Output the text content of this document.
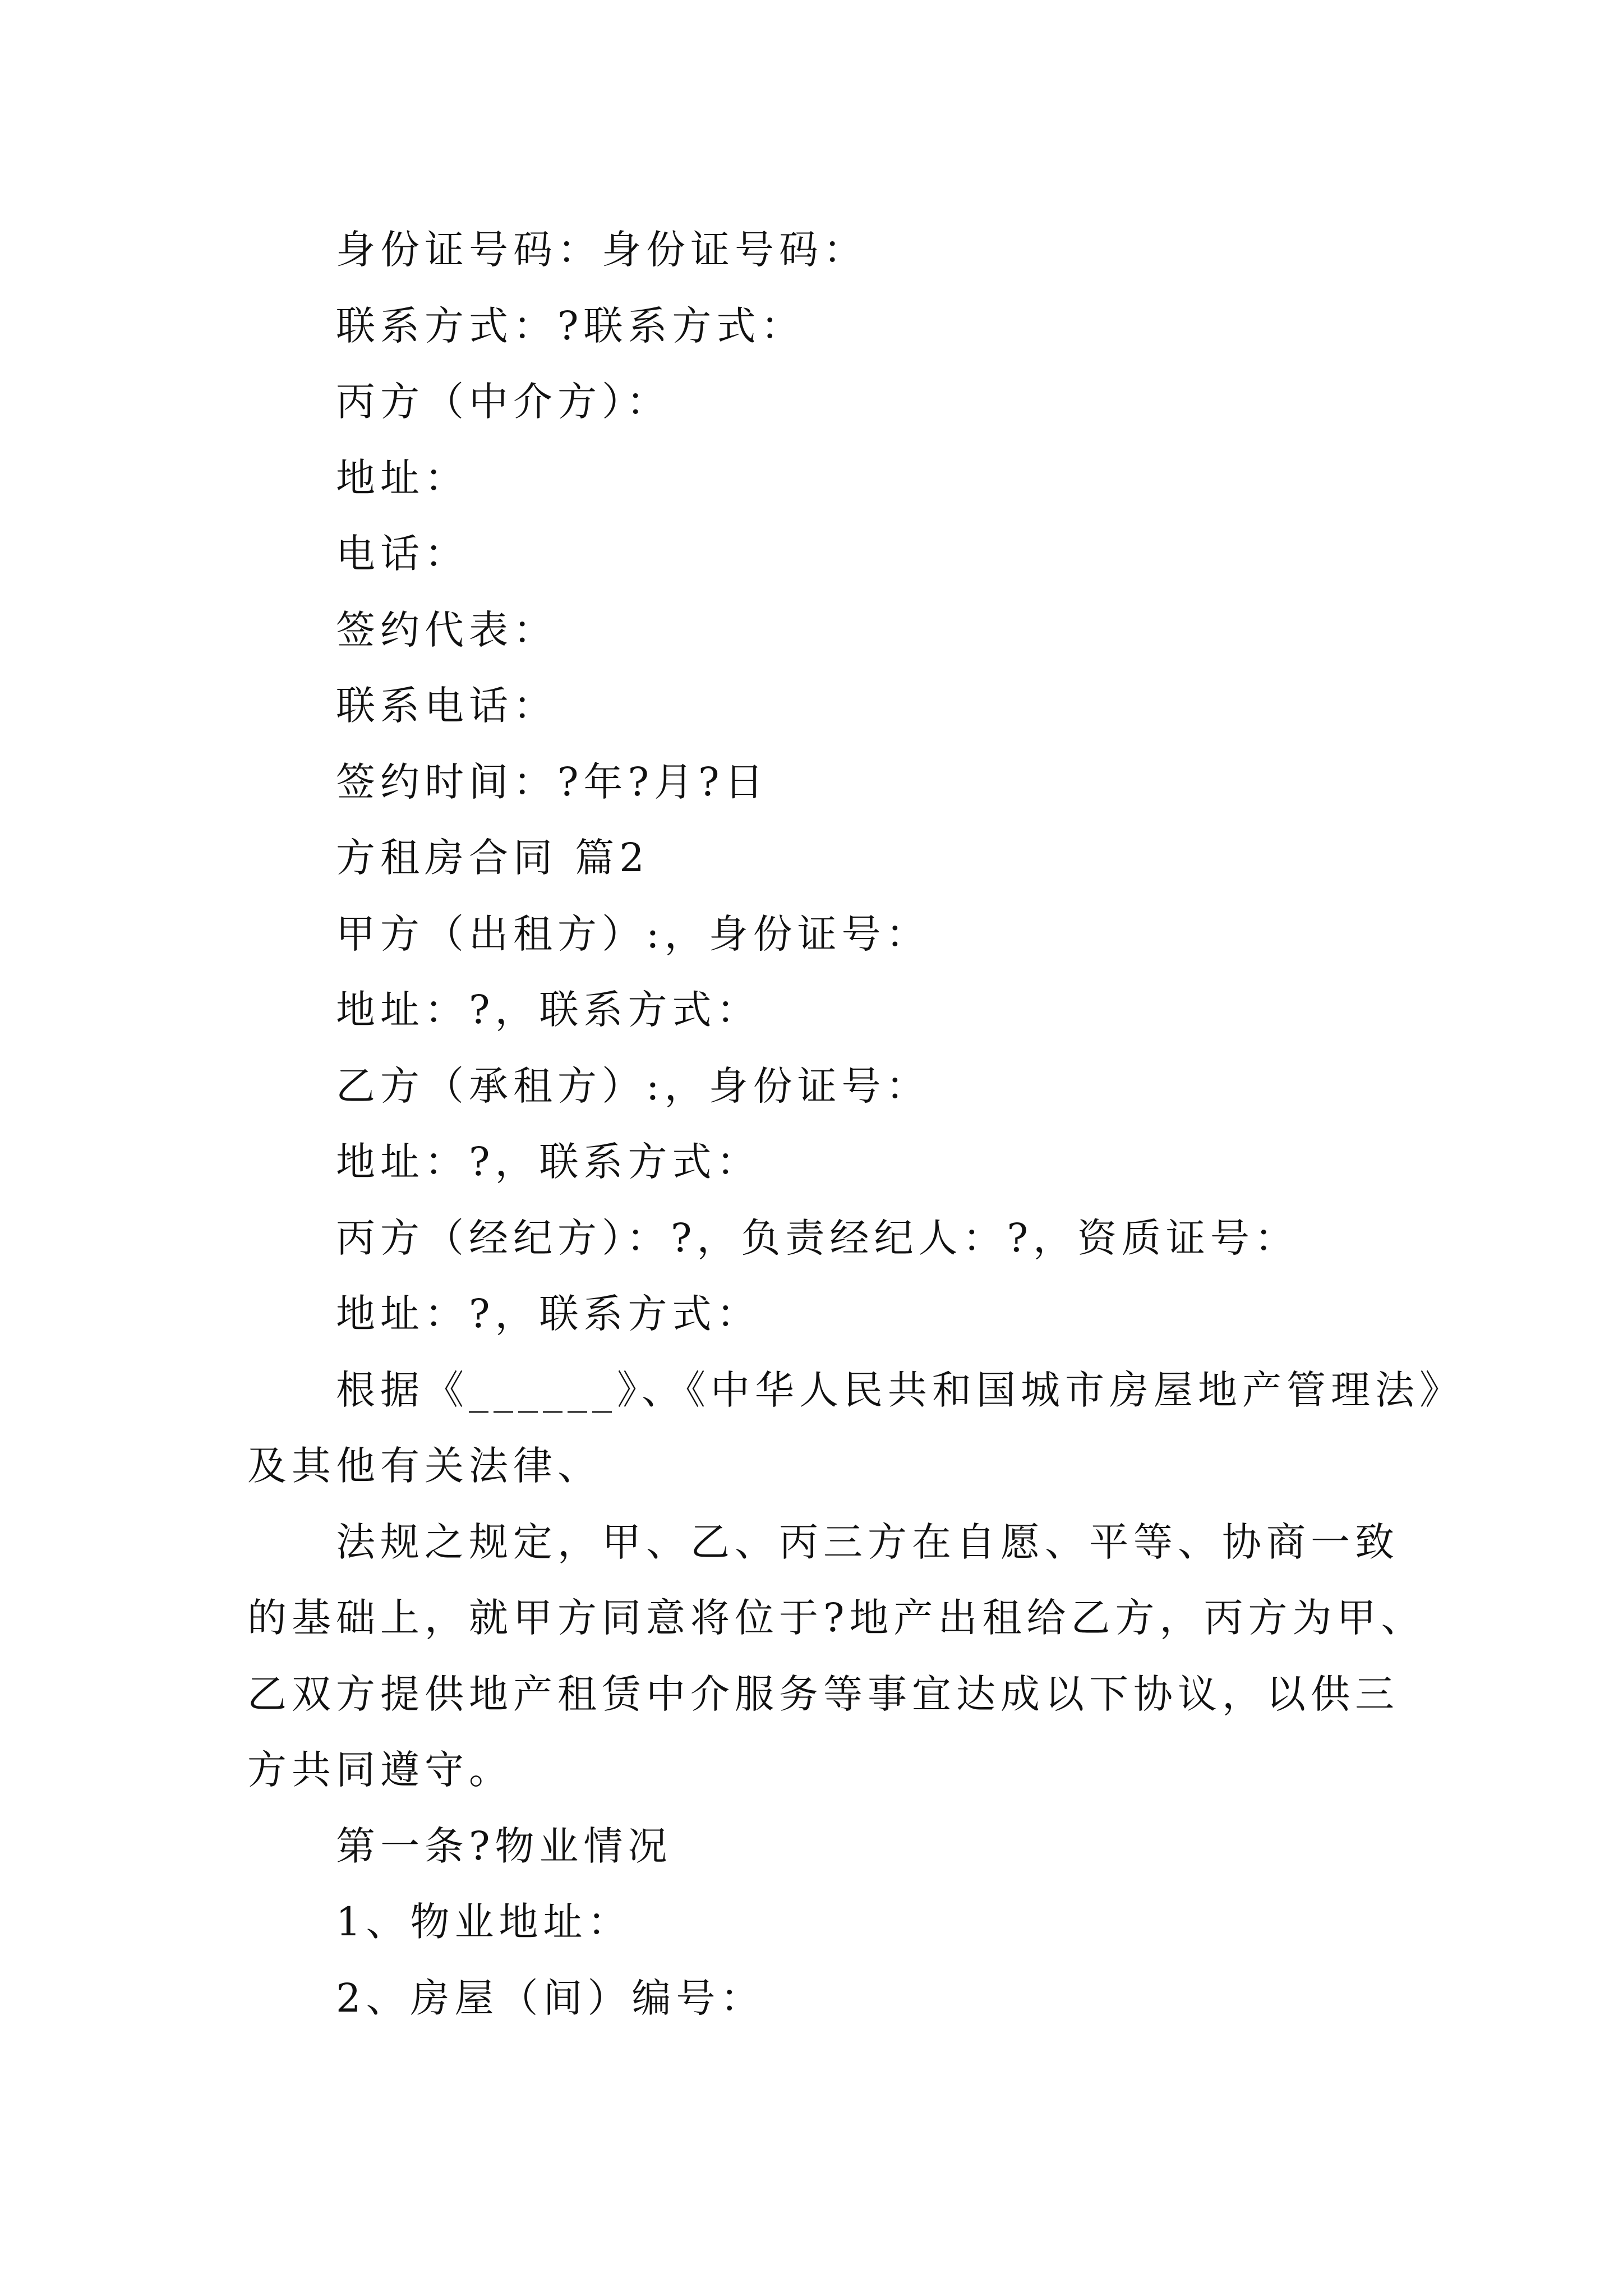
身份证号码：身份证号码：
联系方式：?联系方式：
丙方（中介方）：
地址：
电话：
签约代表：
联系电话：
签约时间：?年?月?日
方租房合同 篇2
甲方（出租方）:，身份证号：
地址：?，联系方式：
乙方（承租方）:，身份证号：
地址：?，联系方式：
丙方（经纪方）：?，负责经纪人：?，资质证号：
地址：?，联系方式：
根据《______》、《中华人民共和国城市房屋地产管理法》
及其他有关法律、
法规之规定，甲、乙、丙三方在自愿、平等、协商一致
的基础上，就甲方同意将位于?地产出租给乙方，丙方为甲、
乙双方提供地产租赁中介服务等事宜达成以下协议，以供三
方共同遵守。
第一条?物业情况
1、物业地址：
2、房屋（间）编号：
